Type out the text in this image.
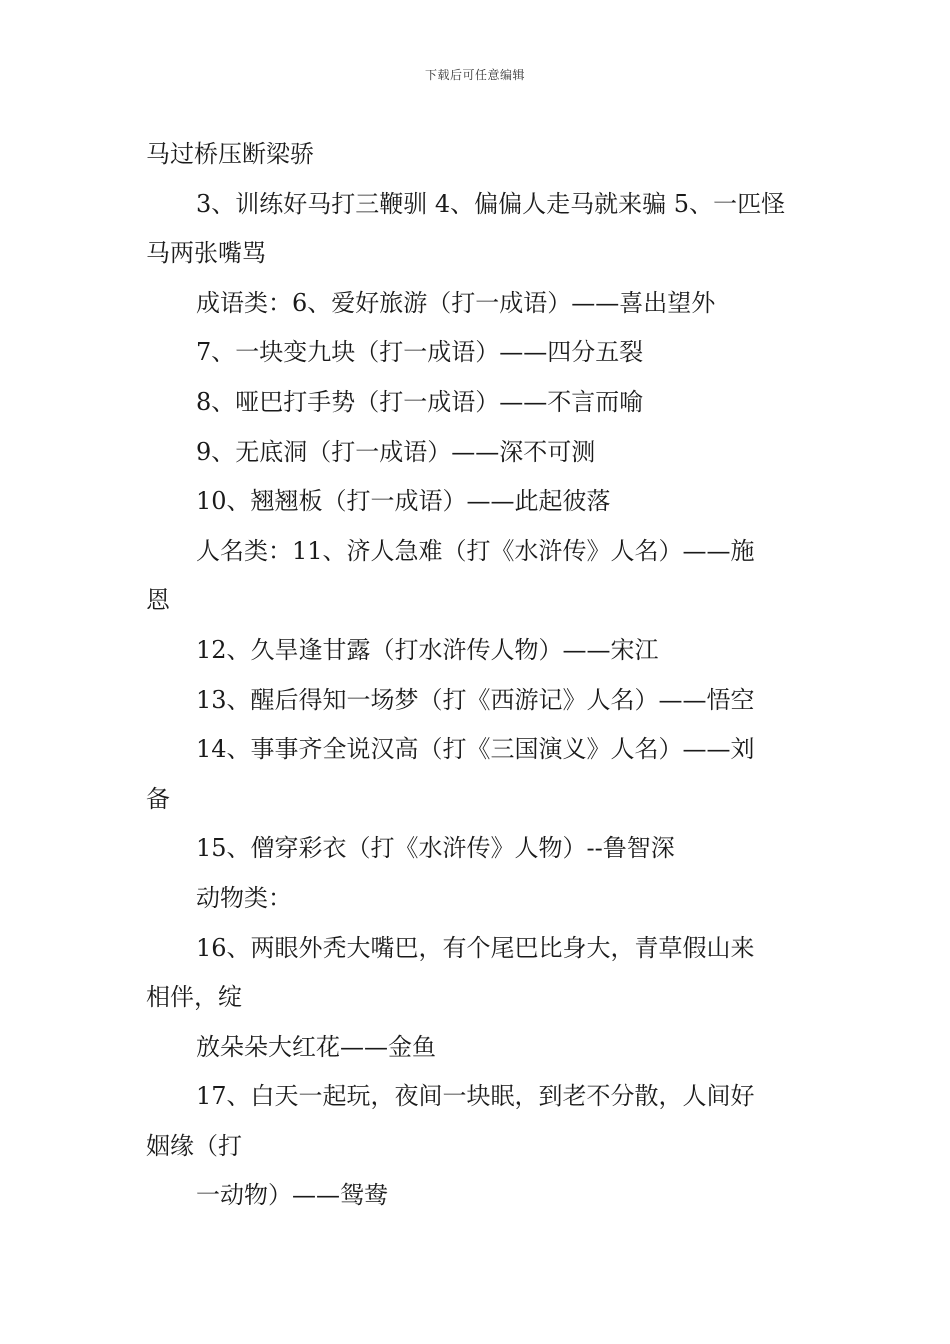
下载后可任意编辑
马过桥压断梁骄
3、训练好马打三鞭驯 4、偏偏人走马就来骗 5、一匹怪
马两张嘴骂
成语类：6、爱好旅游（打一成语）——喜出望外
7、一块变九块（打一成语）——四分五裂
8、哑巴打手势（打一成语）——不言而喻
9、无底洞（打一成语）——深不可测
10、翘翘板（打一成语）——此起彼落
人名类：11、济人急难（打《水浒传》人名）——施
恩
12、久旱逢甘露（打水浒传人物）——宋江
13、醒后得知一场梦（打《西游记》人名）——悟空
14、事事齐全说汉高（打《三国演义》人名）——刘
备
15、僧穿彩衣（打《水浒传》人物）--鲁智深
动物类：
16、两眼外秃大嘴巴，有个尾巴比身大，青草假山来
相伴，绽
放朵朵大红花——金鱼
17、白天一起玩，夜间一块眠，到老不分散，人间好
姻缘（打
一动物）——鸳鸯
